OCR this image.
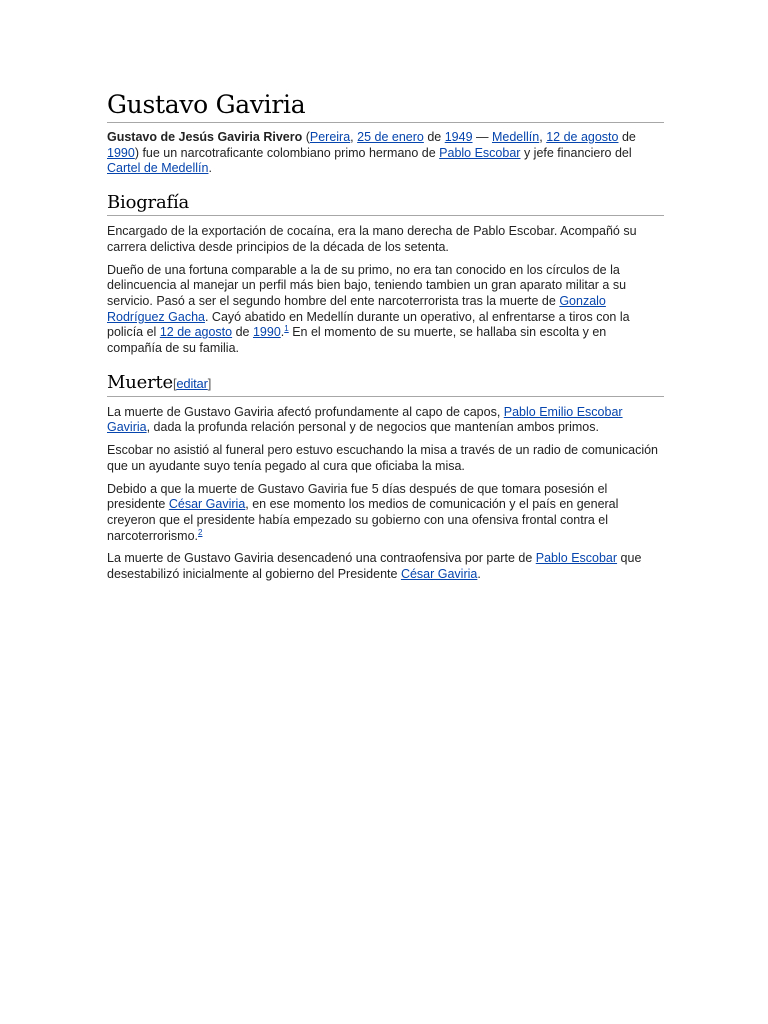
Gustavo Gaviria

Gustavo de Jesús Gaviria Rivero (Pereira, 25 de enero de 1949 — Medellín, 12 de agosto de 1990) fue un narcotraficante colombiano primo hermano de Pablo Escobar y jefe financiero del Cartel de Medellín.

Biografía

Encargado de la exportación de cocaína, era la mano derecha de Pablo Escobar. Acompañó su carrera delictiva desde principios de la década de los setenta.

Dueño de una fortuna comparable a la de su primo, no era tan conocido en los círculos de la delincuencia al manejar un perfil más bien bajo, teniendo tambien un gran aparato militar a su servicio. Pasó a ser el segundo hombre del ente narcoterrorista tras la muerte de Gonzalo Rodríguez Gacha. Cayó abatido en Medellín durante un operativo, al enfrentarse a tiros con la policía el 12 de agosto de 1990.$^1$ En el momento de su muerte, se hallaba sin escolta y en compañía de su familia.

Muerte[editar]

La muerte de Gustavo Gaviria afectó profundamente al capo de capos, Pablo Emilio Escobar Gaviria, dada la profunda relación personal y de negocios que mantenían ambos primos.

Escobar no asistió al funeral pero estuvo escuchando la misa a través de un radio de comunicación que un ayudante suyo tenía pegado al cura que oficiaba la misa.

Debido a que la muerte de Gustavo Gaviria fue 5 días después de que tomara posesión el presidente César Gaviria, en ese momento los medios de comunicación y el país en general creyeron que el presidente había empezado su gobierno con una ofensiva frontal contra el narcoterrorismo.$^2$

La muerte de Gustavo Gaviria desencadenó una contraofensiva por parte de Pablo Escobar que desestabilizó inicialmente al gobierno del Presidente César Gaviria.
